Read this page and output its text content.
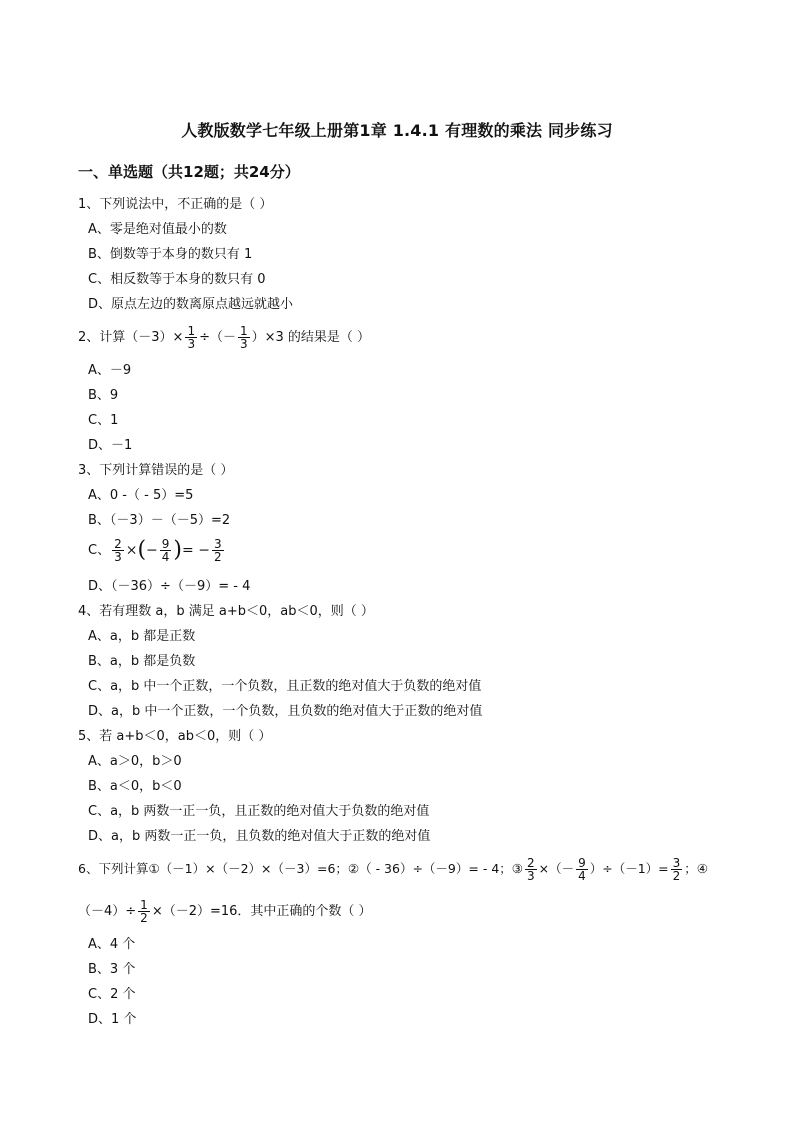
人教版数学七年级上册第1章 1.4.1 有理数的乘法 同步练习
一、单选题（共12题；共24分）
1、下列说法中，不正确的是（ ）
A、零是绝对值最小的数
B、倒数等于本身的数只有 1
C、相反数等于本身的数只有 0
D、原点左边的数离原点越远就越小
2、计算$(-3)\times \frac{1}{3}$ ÷（－ $\frac{1}{3} )\times 3$ 的结果是（ ）
A、－9
B、9
C、1
D、－1
3、下列计算错误的是（ ）
A、0 -（ - 5）=5
B、（－3）－（－5）=2
C、 $\frac{2}{3}$ ×(− $\frac{9}{4}$ )= − $\frac{3}{2}$
D、（－36）÷（－9）= - 4
4、若有理数 a，b 满足 a+b＜0，ab＜0，则（ ）
A、a，b 都是正数
B、a，b 都是负数
C、a，b 中一个正数，一个负数，且正数的绝对值大于负数的绝对值
D、a，b 中一个正数，一个负数，且负数的绝对值大于正数的绝对值
5、若 a+b＜0，ab＜0，则（ ）
A、a＞0，b＞0
B、a＜0，b＜0
C、a，b 两数一正一负，且正数的绝对值大于负数的绝对值
D、a，b 两数一正一负，且负数的绝对值大于正数的绝对值
6、下列计算①（－1）×（－2）×（－3）=6；②（ - 36）÷（－9）= - 4；③ $\frac{2}{3}$ ×（－ $\frac{9}{4} )\div(-1)= \frac{3}{2}$ ；④
$(-4)\div \frac{1}{2} \times(-2)=16$．其中正确的个数（ ）
A、4 个
B、3 个
C、2 个
D、1 个
